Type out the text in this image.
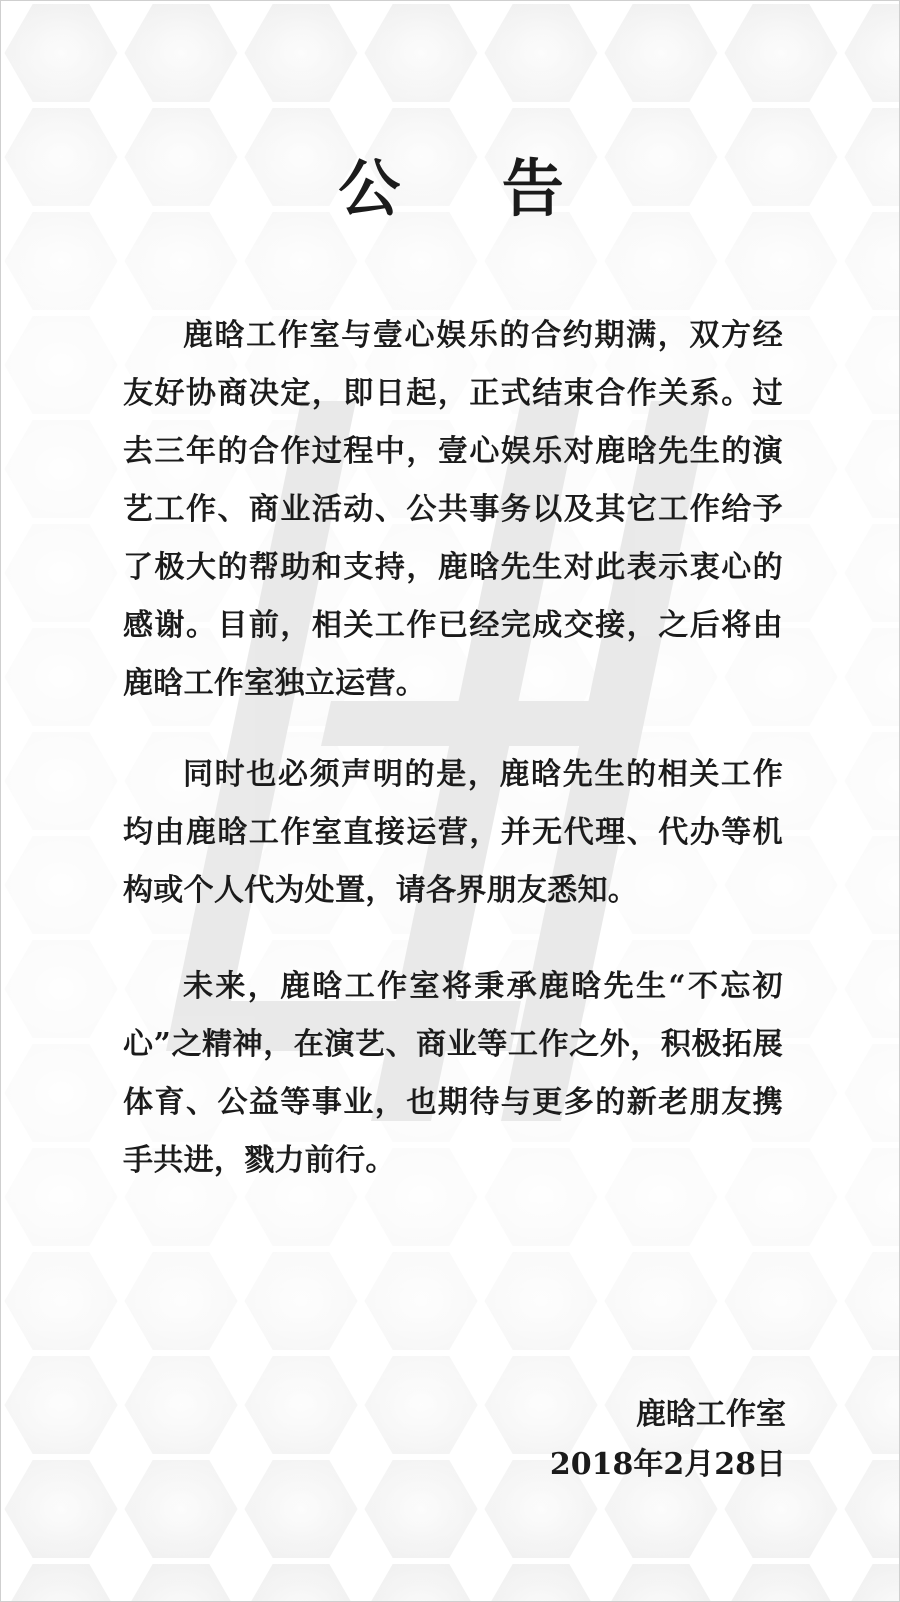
公 告

鹿晗工作室与壹心娱乐的合约期满，双方经友好协商决定，即日起，正式结束合作关系。过去三年的合作过程中，壹心娱乐对鹿晗先生的演艺工作、商业活动、公共事务以及其它工作给予了极大的帮助和支持，鹿晗先生对此表示衷心的感谢。目前，相关工作已经完成交接，之后将由鹿晗工作室独立运营。

同时也必须声明的是，鹿晗先生的相关工作均由鹿晗工作室直接运营，并无代理、代办等机构或个人代为处置，请各界朋友悉知。

未来，鹿晗工作室将秉承鹿晗先生“不忘初心”之精神，在演艺、商业等工作之外，积极拓展体育、公益等事业，也期待与更多的新老朋友携手共进，戮力前行。

鹿晗工作室
2018年2月28日
